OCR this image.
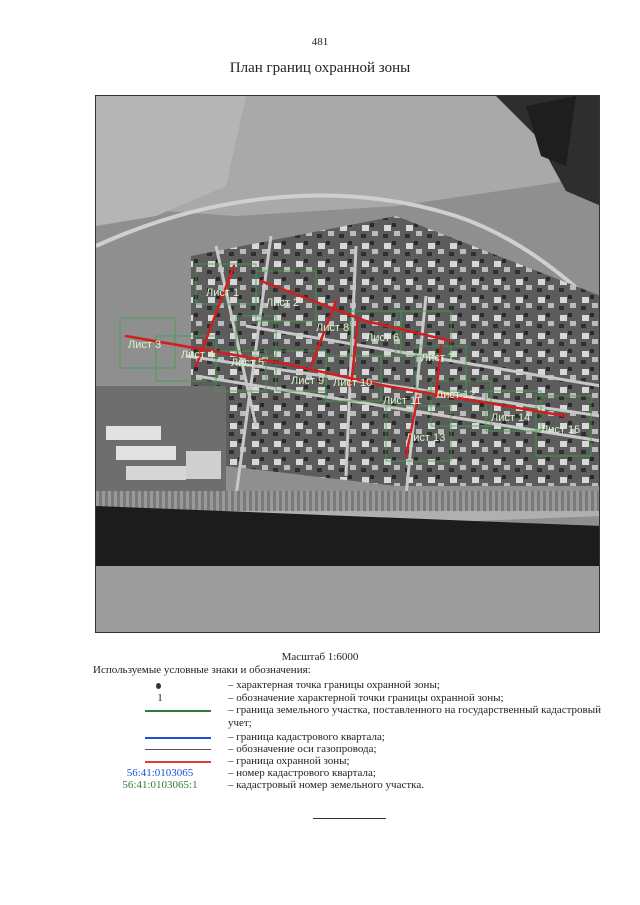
481
План границ охранной зоны
Лист 3
Лист 4
Лист 1
Лист 2
Лист 5
Лист 8
Лист 9
Лист 6
Лист 7
Лист 10
Лист 11 Лист 12
Лист 13
Лист 14
Лист 15
Масштаб 1:6000
Используемые условные знаки и обозначения:
– характерная точка границы охранной зоны;
1	– обозначение характерной точки границы охранной зоны;
– граница земельного участка, поставленного на государственный кадастровый учет;
– граница кадастрового квартала;
– обозначение оси газопровода;
– граница охранной зоны;
56:41:0103065	– номер кадастрового квартала;
56:41:0103065:1	– кадастровый номер земельного участка.
